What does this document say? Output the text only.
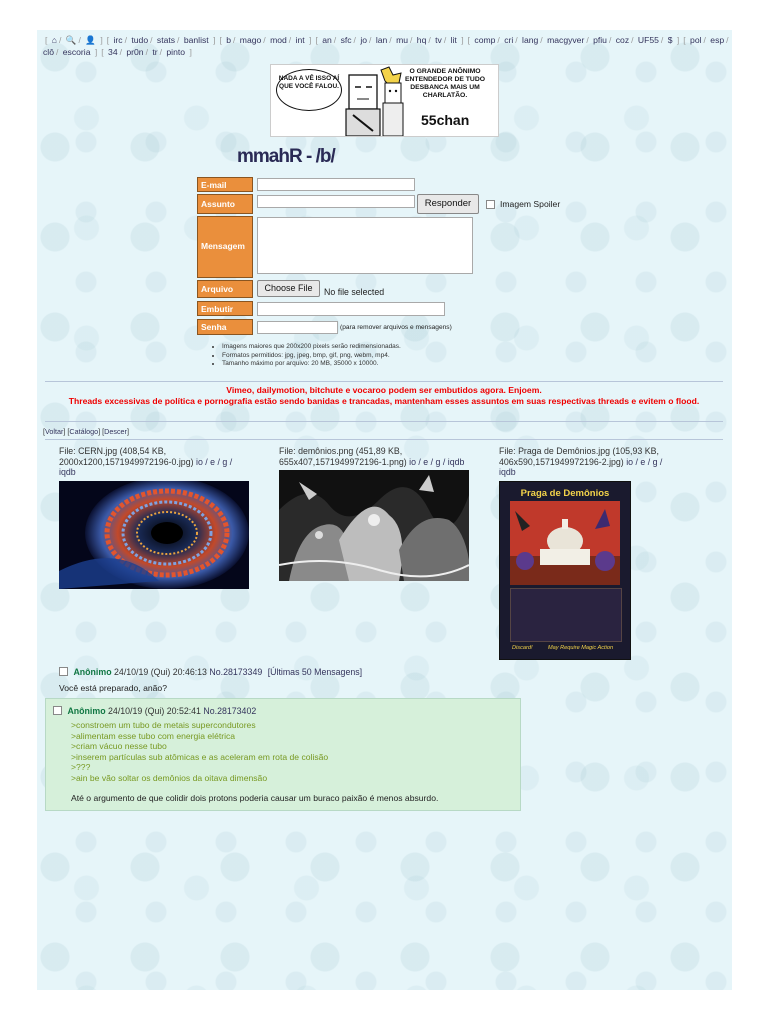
[ ⌂ / 🔍 / 👤 ] [ irc / tudo / stats / banlist ] [ b / mago / mod / int ] [ an / sfc / jo / lan / mu / hq / tv / lit ] [ comp / cri / lang / macgyver / pfiu / coz / UF55 / $ ] [ pol / esp / clô / escoria ] [ 34 / pr0n / tr / pinto ]
NADA A VÊ ISSO AÍ QUE VOCÊ FALOU.
O GRANDE ANÔNIMO ENTENDEDOR DE TUDO DESBANCA MAIS UM CHARLATÃO.
55chan
mmahR - /b/
E-mail
Assunto	Responder	Imagem Spoiler
Mensagem
Arquivo	Choose File	No file selected
Embutir
Senha	(para remover arquivos e mensagens)
• Imagens maiores que 200x200 pixels serão redimensionadas.
• Formatos permitidos: jpg, jpeg, bmp, gif, png, webm, mp4.
• Tamanho máximo por arquivo: 20 MB, 35000 x 10000.
Vimeo, dailymotion, bitchute e vocaroo podem ser embutidos agora. Enjoem.
Threads excessivas de política e pornografia estão sendo banidas e trancadas, mantenham esses assuntos em suas respectivas threads e evitem o flood.
[Voltar] [Catálogo] [Descer]
File: CERN.jpg (408,54 KB,
2000x1200,1571949972196-0.jpg) io / e / g /
iqdb
File: demônios.png (451,89 KB,
655x407,1571949972196-1.png) io / e / g / iqdb
File: Praga de Demônios.jpg (105,93 KB,
406x590,1571949972196-2.jpg) io / e / g /
iqdb
Praga de Demônios
Discard!	May Require Magic Action
Anônimo 24/10/19 (Qui) 20:46:13 No.28173349 [Últimas 50 Mensagens]
Você está preparado, anão?
Anônimo 24/10/19 (Qui) 20:52:41 No.28173402
>constroem um tubo de metais supercondutores
>alimentam esse tubo com energia elétrica
>criam vácuo nesse tubo
>inserem partículas sub atômicas e as aceleram em rota de colisão
>???
>ain be vão soltar os demônios da oitava dimensão
Até o argumento de que colidir dois protons poderia causar um buraco paixão é menos absurdo.
